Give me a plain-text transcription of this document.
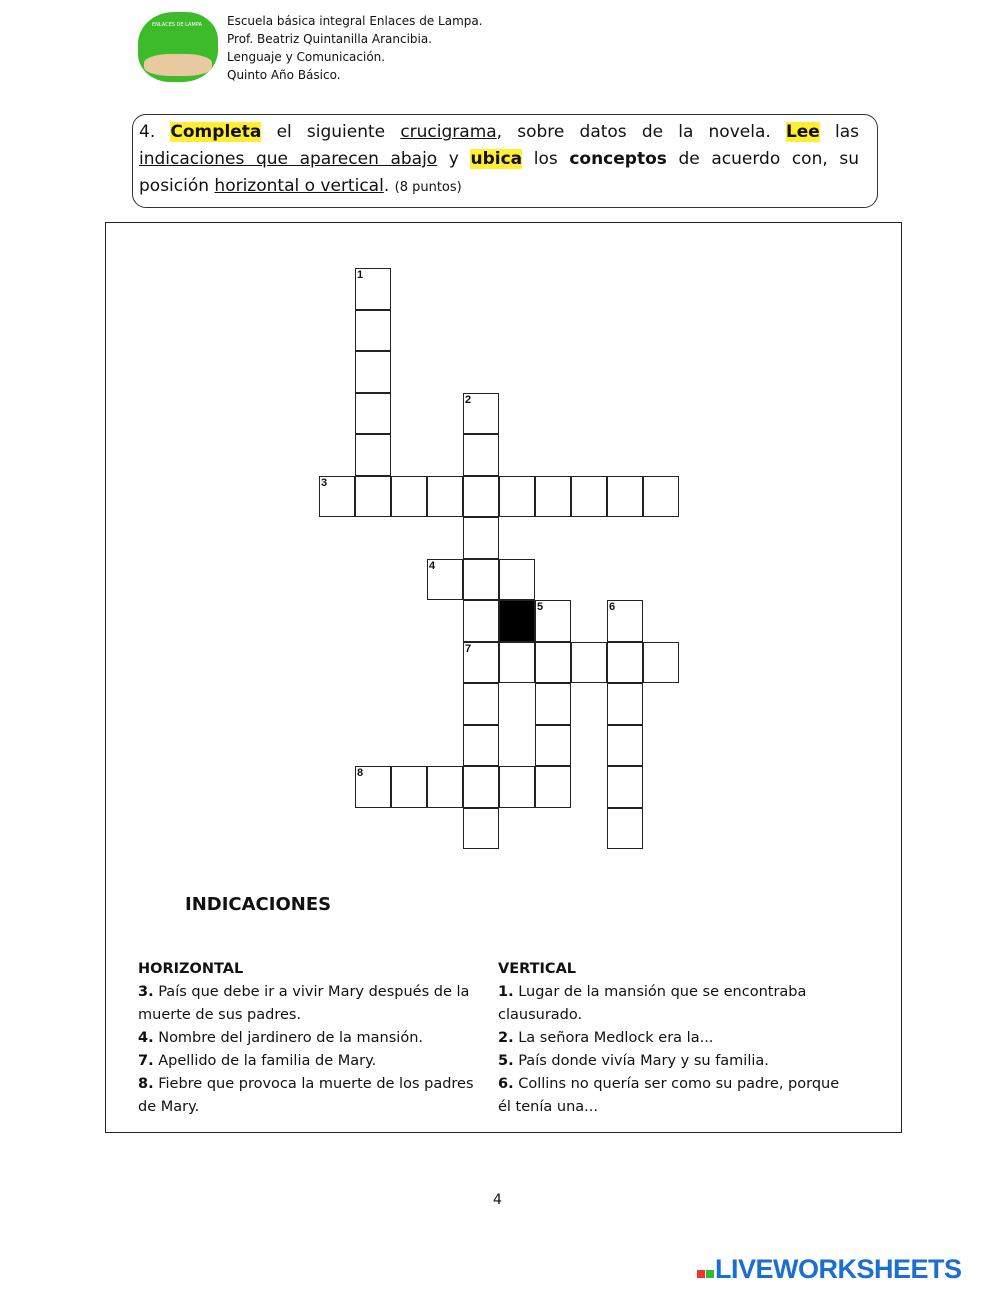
ENLACES DE LAMPA Escuela básica integral Enlaces de Lampa.
Prof. Beatriz Quintanilla Arancibia.
Lenguaje y Comunicación.
Quinto Año Básico.

4. Completa el siguiente crucigrama, sobre datos de la novela. Lee las indicaciones que aparecen abajo y ubica los conceptos de acuerdo con, su posición horizontal o vertical. (8 puntos)

1
2
7
3
4
5	6
8
INDICACIONES
HORIZONTAL
3. País que debe ir a vivir Mary después de la muerte de sus padres.
4. Nombre del jardinero de la mansión.
7. Apellido de la familia de Mary.
8. Fiebre que provoca la muerte de los padres de Mary.
VERTICAL
1. Lugar de la mansión que se encontraba clausurado.
2. La señora Medlock era la...
5. País donde vivía Mary y su familia.
6. Collins no quería ser como su padre, porque él tenía una...
4
LIVEWORKSHEETS
